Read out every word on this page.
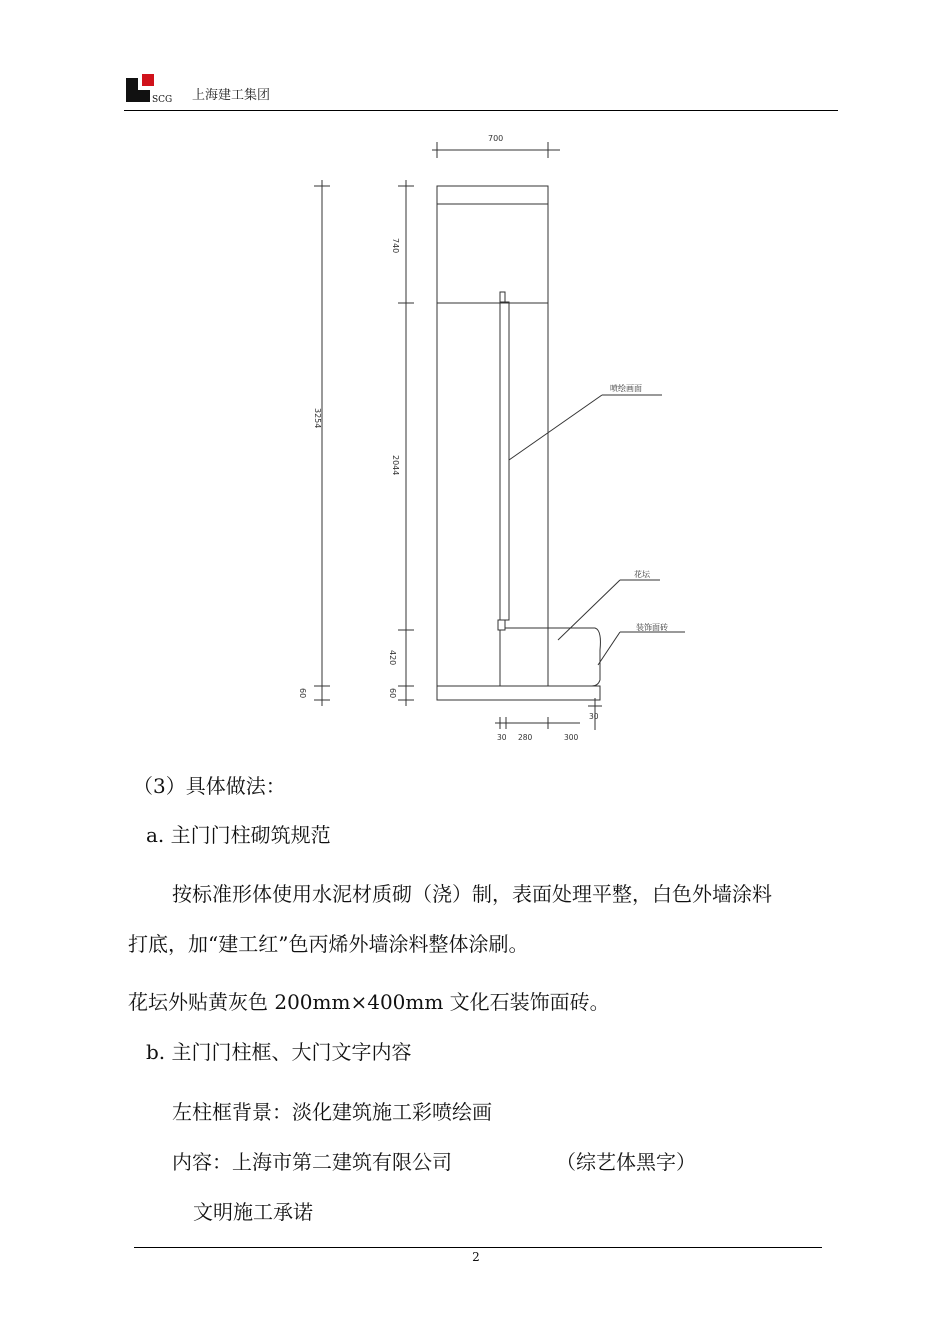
SCG 上海建工集团
700
3254
60
740
2044
420
60
喷绘画面
花坛
装饰面砖
30 280	300
30
（3）具体做法：
a. 主门门柱砌筑规范
按标准形体使用水泥材质砌（浇）制，表面处理平整，白色外墙涂料
打底，加“建工红”色丙烯外墙涂料整体涂刷。
花坛外贴黄灰色 200mm×400mm 文化石装饰面砖。
b. 主门门柱框、大门文字内容
左柱框背景：淡化建筑施工彩喷绘画
内容：上海市第二建筑有限公司	（综艺体黑字）
文明施工承诺
2
